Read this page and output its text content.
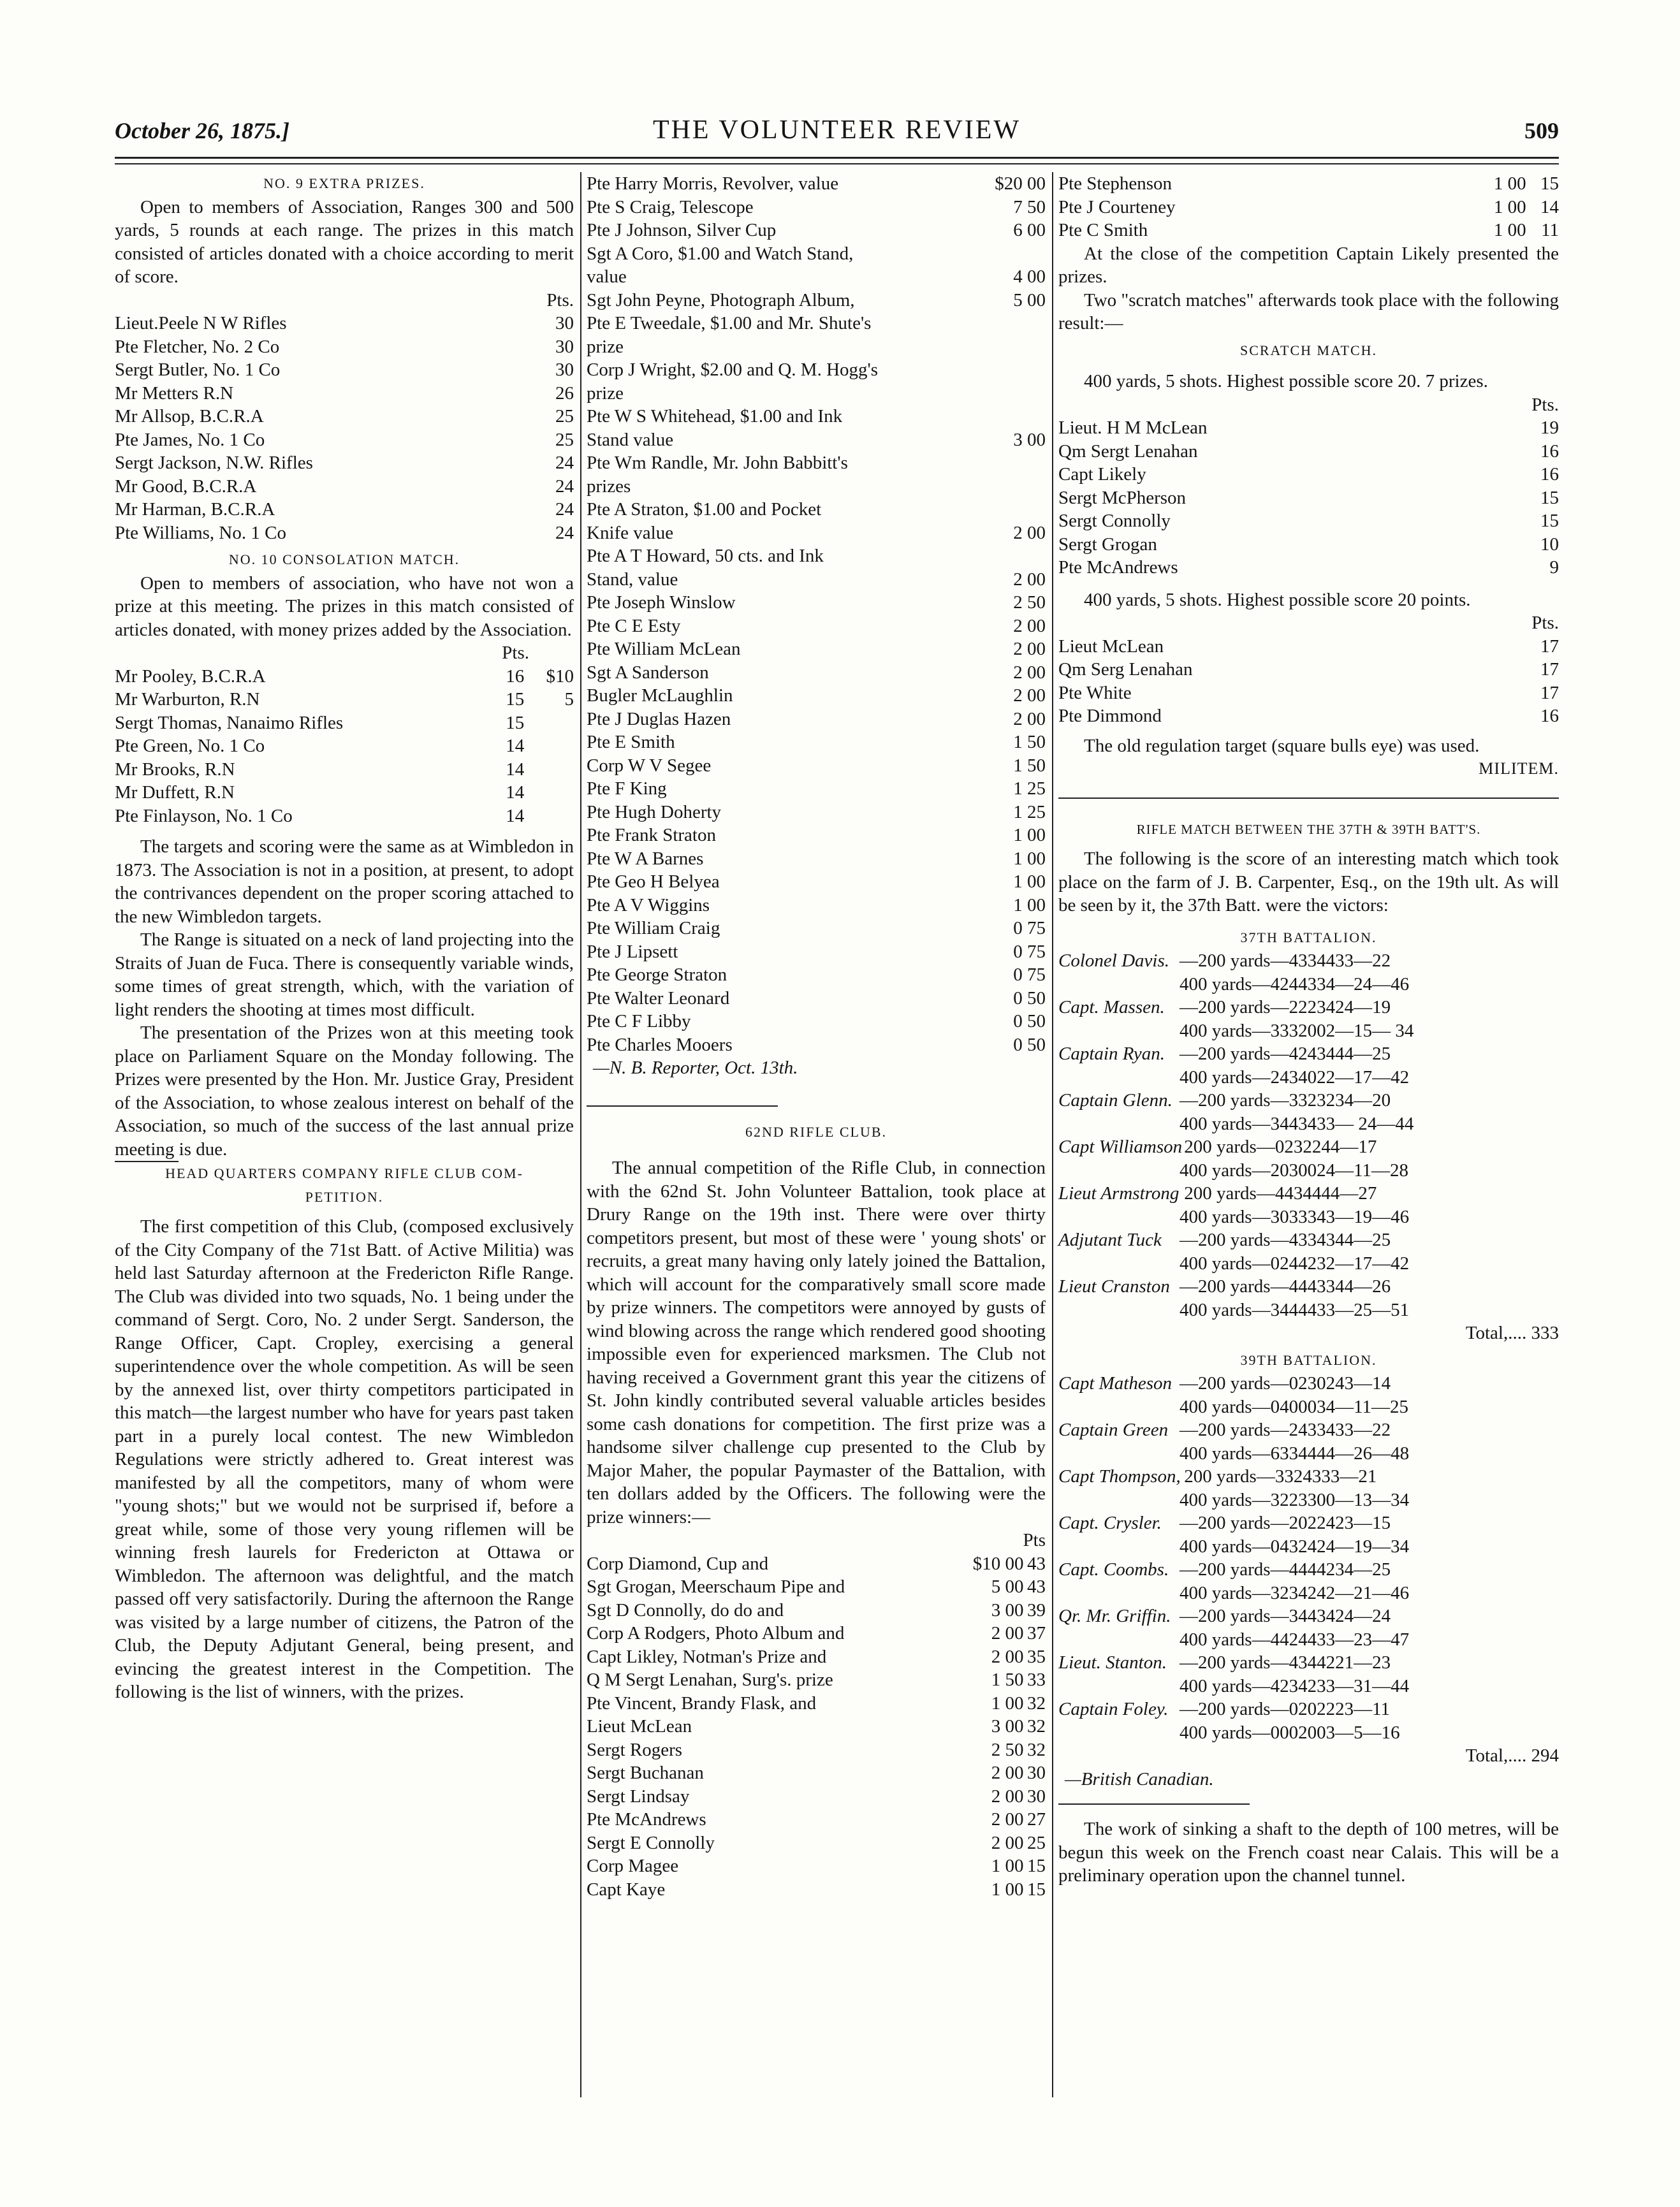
October 26, 1875.]	THE VOLUNTEER REVIEW	509
NO. 9 EXTRA PRIZES.

Open to members of Association, Ranges 300 and 500 yards, 5 rounds at each range. The prizes in this match consisted of articles donated with a choice according to merit of score.

Pts.
Lieut.Peele N W Rifles	30	
Pte Fletcher, No. 2 Co	30	
Sergt Butler, No. 1 Co	30	
Mr Metters R.N	26	
Mr Allsop, B.C.R.A	25	
Pte James, No. 1 Co	25	
Sergt Jackson, N.W. Rifles	24	
Mr Good, B.C.R.A	24	
Mr Harman, B.C.R.A	24	
Pte Williams, No. 1 Co	24	
NO. 10 CONSOLATION MATCH.

Open to members of association, who have not won a prize at this meeting. The prizes in this match consisted of articles donated, with money prizes added by the Association.

Pts.
Mr Pooley, B.C.R.A	16	$10
Mr Warburton, R.N	15	5
Sergt Thomas, Nanaimo Rifles	15	
Pte Green, No. 1 Co	14	
Mr Brooks, R.N	14	
Mr Duffett, R.N	14	
Pte Finlayson, No. 1 Co	14	

The targets and scoring were the same as at Wimbledon in 1873. The Association is not in a position, at present, to adopt the contrivances dependent on the proper scoring attached to the new Wimbledon targets.

The Range is situated on a neck of land projecting into the Straits of Juan de Fuca. There is consequently variable winds, some times of great strength, which, with the variation of light renders the shooting at times most difficult.

The presentation of the Prizes won at this meeting took place on Parliament Square on the Monday following. The Prizes were presented by the Hon. Mr. Justice Gray, President of the Association, to whose zealous interest on behalf of the Association, so much of the success of the last annual prize meeting is due.

HEAD QUARTERS COMPANY RIFLE CLUB COM-
PETITION.

The first competition of this Club, (composed exclusively of the City Company of the 71st Batt. of Active Militia) was held last Saturday afternoon at the Fredericton Rifle Range. The Club was divided into two squads, No. 1 being under the command of Sergt. Coro, No. 2 under Sergt. Sanderson, the Range Officer, Capt. Cropley, exercising a general superintendence over the whole competition. As will be seen by the annexed list, over thirty competitors participated in this match—the largest number who have for years past taken part in a purely local contest. The new Wimbledon Regulations were strictly adhered to. Great interest was manifested by all the competitors, many of whom were "young shots;" but we would not be surprised if, before a great while, some of those very young riflemen will be winning fresh laurels for Fredericton at Ottawa or Wimbledon. The afternoon was delightful, and the match passed off very satisfactorily. During the afternoon the Range was visited by a large number of citizens, the Patron of the Club, the Deputy Adjutant General, being present, and evincing the greatest interest in the Competition. The following is the list of winners, with the prizes.

Pte Harry Morris, Revolver, value	$20 00
Pte S Craig, Telescope	7 50
Pte J Johnson, Silver Cup	6 00
Sgt A Coro, $1.00 and Watch Stand,	
value	4 00
Sgt John Peyne, Photograph Album,	5 00
Pte E Tweedale, $1.00 and Mr. Shute's	
prize	
Corp J Wright, $2.00 and Q. M. Hogg's	
prize	
Pte W S Whitehead, $1.00 and Ink	
Stand value	3 00
Pte Wm Randle, Mr. John Babbitt's	
prizes	
Pte A Straton, $1.00 and Pocket	
Knife value	2 00
Pte A T Howard, 50 cts. and Ink	
Stand, value	2 00
Pte Joseph Winslow	2 50
Pte C E Esty	2 00
Pte William McLean	2 00
Sgt A Sanderson	2 00
Bugler McLaughlin	2 00
Pte J Duglas Hazen	2 00
Pte E Smith	1 50
Corp W V Segee	1 50
Pte F King	1 25
Pte Hugh Doherty	1 25
Pte Frank Straton	1 00
Pte W A Barnes	1 00
Pte Geo H Belyea	1 00
Pte A V Wiggins	1 00
Pte William Craig	0 75
Pte J Lipsett	0 75
Pte George Straton	0 75
Pte Walter Leonard	0 50
Pte C F Libby	0 50
Pte Charles Mooers	0 50
—N. B. Reporter, Oct. 13th.
62ND RIFLE CLUB.

The annual competition of the Rifle Club, in connection with the 62nd St. John Volunteer Battalion, took place at Drury Range on the 19th inst. There were over thirty competitors present, but most of these were ' young shots' or recruits, a great many having only lately joined the Battalion, which will account for the comparatively small score made by prize winners. The competitors were annoyed by gusts of wind blowing across the range which rendered good shooting impossible even for experienced marksmen. The Club not having received a Government grant this year the citizens of St. John kindly contributed several valuable articles besides some cash donations for competition. The first prize was a handsome silver challenge cup presented to the Club by Major Maher, the popular Paymaster of the Battalion, with ten dollars added by the Officers. The following were the prize winners:—

Pts
Corp Diamond, Cup and	$10 00	43
Sgt Grogan, Meerschaum Pipe and	5 00	43
Sgt D Connolly, do do and	3 00	39
Corp A Rodgers, Photo Album and	2 00	37
Capt Likley, Notman's Prize and	2 00	35
Q M Sergt Lenahan, Surg's. prize	1 50	33
Pte Vincent, Brandy Flask, and	1 00	32
Lieut McLean	3 00	32
Sergt Rogers	2 50	32
Sergt Buchanan	2 00	30
Sergt Lindsay	2 00	30
Pte McAndrews	2 00	27
Sergt E Connolly	2 00	25
Corp Magee	1 00	15
Capt Kaye	1 00	15
Pte Stephenson	1 00	15
Pte J Courteney	1 00	14
Pte C Smith	1 00	11

At the close of the competition Captain Likely presented the prizes.

Two "scratch matches" afterwards took place with the following result:—

SCRATCH MATCH.

400 yards, 5 shots. Highest possible score 20. 7 prizes.

Pts.
Lieut. H M McLean	19
Qm Sergt Lenahan	16
Capt Likely	16
Sergt McPherson	15
Sergt Connolly	15
Sergt Grogan	10
Pte McAndrews	9

400 yards, 5 shots. Highest possible score 20 points.

Pts.
Lieut McLean	17
Qm Serg Lenahan	17
Pte White	17
Pte Dimmond	16

The old regulation target (square bulls eye) was used.

MILITEM.
RIFLE MATCH BETWEEN THE 37TH & 39TH BATT'S.

The following is the score of an interesting match which took place on the farm of J. B. Carpenter, Esq., on the 19th ult. As will be seen by it, the 37th Batt. were the victors:

37TH BATTALION.
Colonel Davis. —200 yards—4334433—22
400 yards—4244334—24—46
Capt. Massen. —200 yards—2223424—19
400 yards—3332002—15— 34
Captain Ryan. —200 yards—4243444—25
400 yards—2434022—17—42
Captain Glenn. —200 yards—3323234—20
400 yards—3443433— 24—44
Capt Williamson 200 yards—0232244—17
400 yards—2030024—11—28
Lieut Armstrong 200 yards—4434444—27
400 yards—3033343—19—46
Adjutant Tuck —200 yards—4334344—25
400 yards—0244232—17—42
Lieut Cranston —200 yards—4443344—26
400 yards—3444433—25—51
Total,.... 333
39TH BATTALION.
Capt Matheson —200 yards—0230243—14
400 yards—0400034—11—25
Captain Green —200 yards—2433433—22
400 yards—6334444—26—48
Capt Thompson, 200 yards—3324333—21
400 yards—3223300—13—34
Capt. Crysler. —200 yards—2022423—15
400 yards—0432424—19—34
Capt. Coombs. —200 yards—4444234—25
400 yards—3234242—21—46
Qr. Mr. Griffin. —200 yards—3443424—24
400 yards—4424433—23—47
Lieut. Stanton. —200 yards—4344221—23
400 yards—4234233—31—44
Captain Foley. —200 yards—0202223—11
400 yards—0002003—5—16
Total,.... 294
—British Canadian.

The work of sinking a shaft to the depth of 100 metres, will be begun this week on the French coast near Calais. This will be a preliminary operation upon the channel tunnel.
